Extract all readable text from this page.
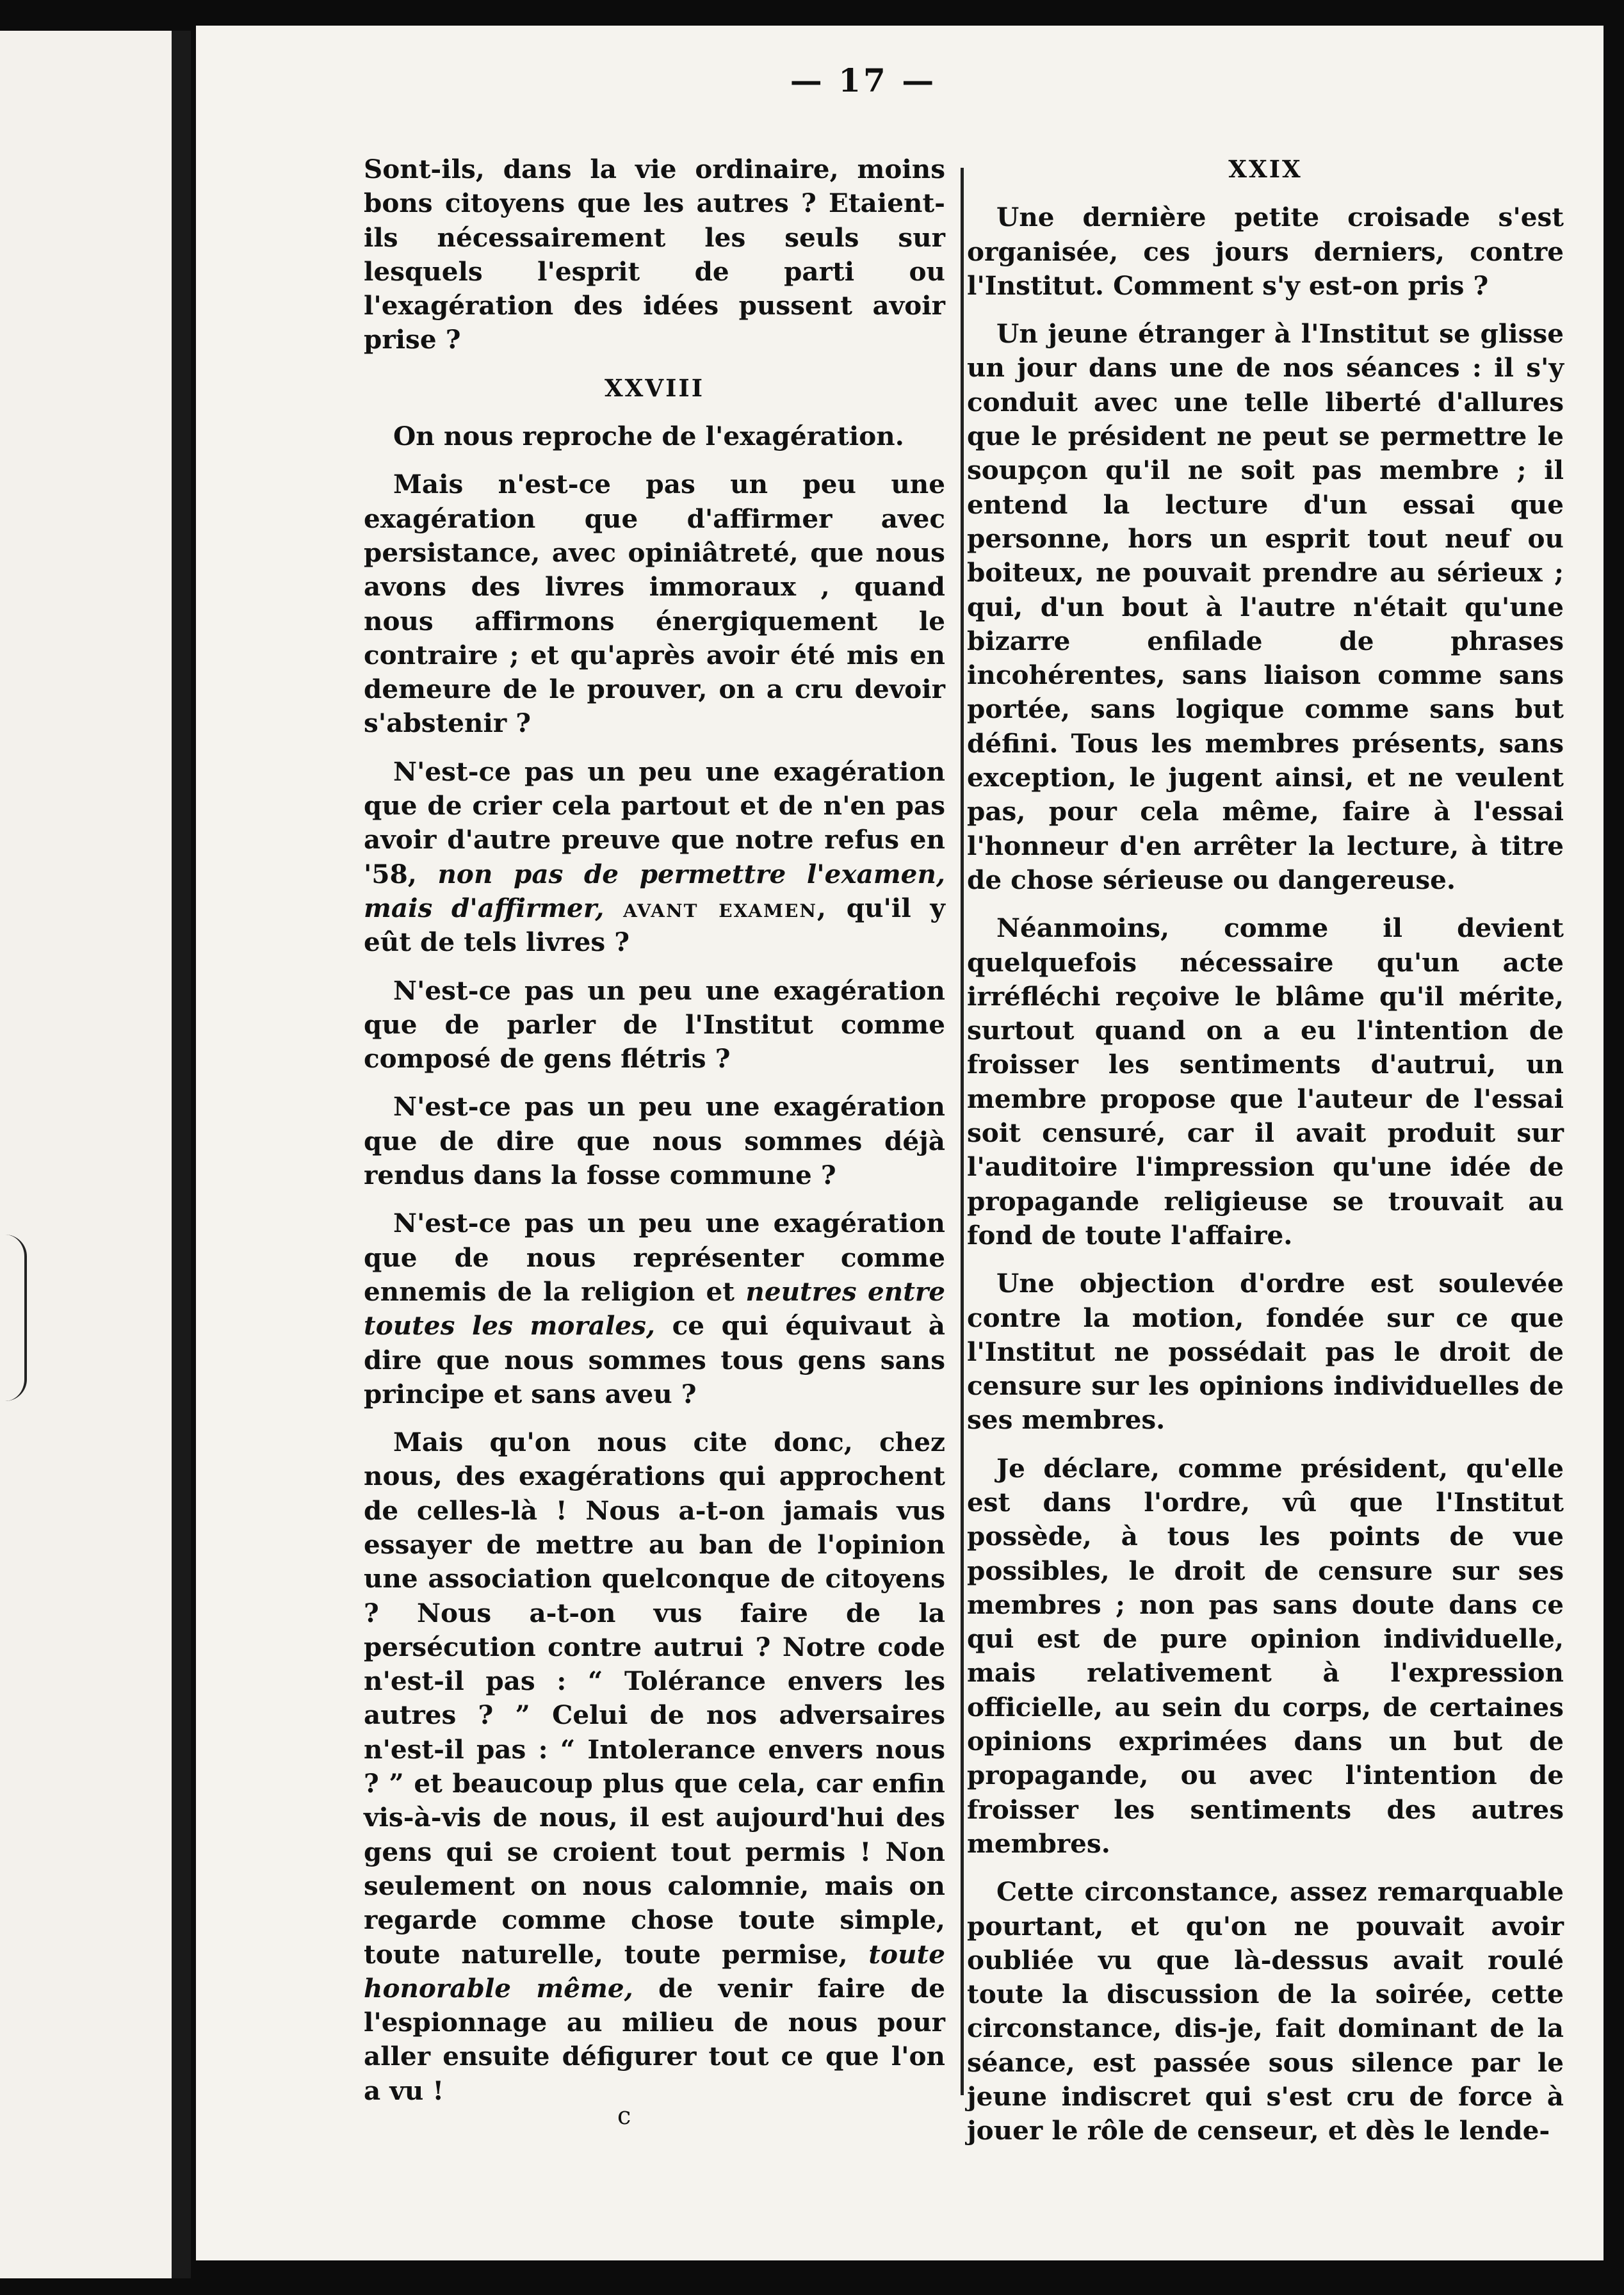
— 17 —

Sont-ils, dans la vie ordinaire, moins bons citoyens que les autres ? Etaient-ils nécessairement les seuls sur lesquels l'esprit de parti ou l'exagération des idées pussent avoir prise ?

XXVIII

On nous reproche de l'exagération.

Mais n'est-ce pas un peu une exagération que d'affirmer avec persistance, avec opiniâtreté, que nous avons des livres immoraux , quand nous affirmons énergiquement le contraire ; et qu'après avoir été mis en demeure de le prouver, on a cru devoir s'abstenir ?

N'est-ce pas un peu une exagération que de crier cela partout et de n'en pas avoir d'autre preuve que notre refus en '58, non pas de permettre l'examen, mais d'affirmer, avant examen, qu'il y eût de tels livres ?

N'est-ce pas un peu une exagération que de parler de l'Institut comme composé de gens flétris ?

N'est-ce pas un peu une exagération que de dire que nous sommes déjà rendus dans la fosse commune ?

N'est-ce pas un peu une exagération que de nous représenter comme ennemis de la religion et neutres entre toutes les morales, ce qui équivaut à dire que nous sommes tous gens sans principe et sans aveu ?

Mais qu'on nous cite donc, chez nous, des exagérations qui approchent de celles-là ! Nous a-t-on jamais vus essayer de mettre au ban de l'opinion une association quelconque de citoyens ? Nous a-t-on vus faire de la persécution contre autrui ? Notre code n'est-il pas : “ Tolérance envers les autres ? ” Celui de nos adversaires n'est-il pas : “ Intolerance envers nous ? ” et beaucoup plus que cela, car enfin vis-à-vis de nous, il est aujourd'hui des gens qui se croient tout permis ! Non seulement on nous calomnie, mais on regarde comme chose toute simple, toute naturelle, toute permise, toute honorable même, de venir faire de l'espionnage au milieu de nous pour aller ensuite défigurer tout ce que l'on a vu !

XXIX

Une dernière petite croisade s'est organisée, ces jours derniers, contre l'Institut. Comment s'y est-on pris ?

Un jeune étranger à l'Institut se glisse un jour dans une de nos séances : il s'y conduit avec une telle liberté d'allures que le président ne peut se permettre le soupçon qu'il ne soit pas membre ; il entend la lecture d'un essai que personne, hors un esprit tout neuf ou boiteux, ne pouvait prendre au sérieux ; qui, d'un bout à l'autre n'était qu'une bizarre enfilade de phrases incohérentes, sans liaison comme sans portée, sans logique comme sans but défini. Tous les membres présents, sans exception, le jugent ainsi, et ne veulent pas, pour cela même, faire à l'essai l'honneur d'en arrêter la lecture, à titre de chose sérieuse ou dangereuse.

Néanmoins, comme il devient quelquefois nécessaire qu'un acte irréfléchi reçoive le blâme qu'il mérite, surtout quand on a eu l'intention de froisser les sentiments d'autrui, un membre propose que l'auteur de l'essai soit censuré, car il avait produit sur l'auditoire l'impression qu'une idée de propagande religieuse se trouvait au fond de toute l'affaire.

Une objection d'ordre est soulevée contre la motion, fondée sur ce que l'Institut ne possédait pas le droit de censure sur les opinions individuelles de ses membres.

Je déclare, comme président, qu'elle est dans l'ordre, vû que l'Institut possède, à tous les points de vue possibles, le droit de censure sur ses membres ; non pas sans doute dans ce qui est de pure opinion individuelle, mais relativement à l'expression officielle, au sein du corps, de certaines opinions exprimées dans un but de propagande, ou avec l'intention de froisser les sentiments des autres membres.

Cette circonstance, assez remarquable pourtant, et qu'on ne pouvait avoir oubliée vu que là-dessus avait roulé toute la discussion de la soirée, cette circonstance, dis-je, fait dominant de la séance, est passée sous silence par le jeune indiscret qui s'est cru de force à jouer le rôle de censeur, et dès le lende-

c
